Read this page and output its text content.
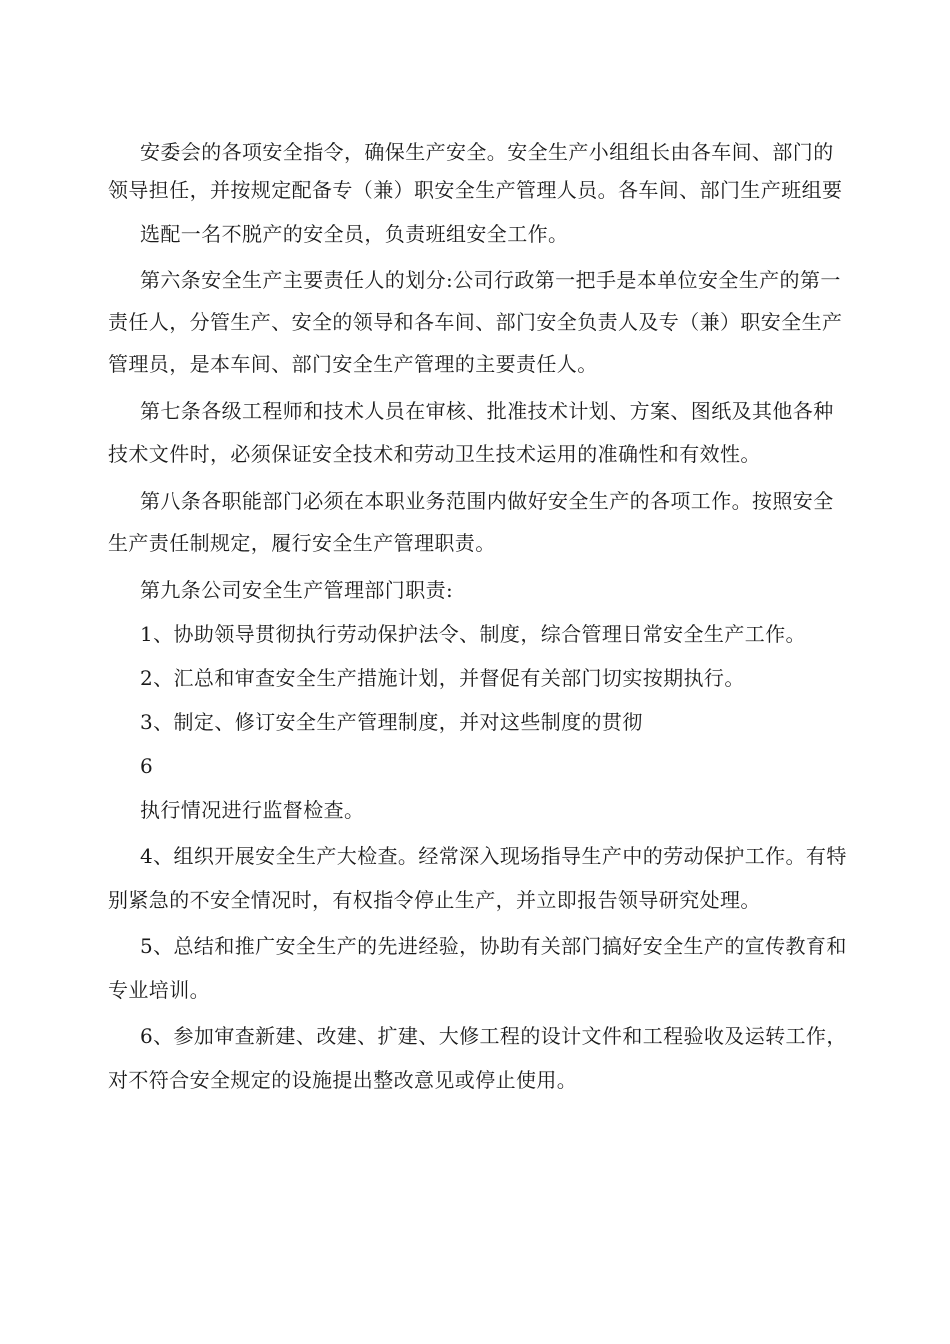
安委会的各项安全指令，确保生产安全。安全生产小组组长由各车间、部门的
领导担任，并按规定配备专（兼）职安全生产管理人员。各车间、部门生产班组要
选配一名不脱产的安全员，负责班组安全工作。
第六条安全生产主要责任人的划分:公司行政第一把手是本单位安全生产的第一
责任人，分管生产、安全的领导和各车间、部门安全负责人及专（兼）职安全生产
管理员，是本车间、部门安全生产管理的主要责任人。
第七条各级工程师和技术人员在审核、批准技术计划、方案、图纸及其他各种
技术文件时，必须保证安全技术和劳动卫生技术运用的准确性和有效性。
第八条各职能部门必须在本职业务范围内做好安全生产的各项工作。按照安全
生产责任制规定，履行安全生产管理职责。
第九条公司安全生产管理部门职责:
1、协助领导贯彻执行劳动保护法令、制度，综合管理日常安全生产工作。
2、汇总和审查安全生产措施计划，并督促有关部门切实按期执行。
3、制定、修订安全生产管理制度，并对这些制度的贯彻
6
执行情况进行监督检查。
4、组织开展安全生产大检查。经常深入现场指导生产中的劳动保护工作。有特
别紧急的不安全情况时，有权指令停止生产，并立即报告领导研究处理。
5、总结和推广安全生产的先进经验，协助有关部门搞好安全生产的宣传教育和
专业培训。
6、参加审查新建、改建、扩建、大修工程的设计文件和工程验收及运转工作，
对不符合安全规定的设施提出整改意见或停止使用。
